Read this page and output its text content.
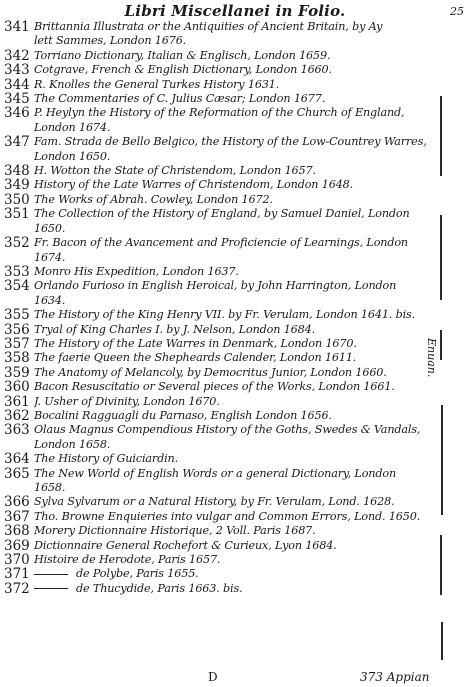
Libri Miscellanei in Folio.	25
341 Brittannia Illustrata or the Antiquities of Ancient Britain, by Ay
lett Sammes, London 1676.
342 Torriano Dictionary, Italian & Englisch, London 1659.
343 Cotgrave, French & English Dictionary, London 1660.
344 R. Knolles the General Turkes History 1631.
345 The Commentaries of C. Julius Cæsar; London 1677.
346 P. Heylyn the History of the Reformation of the Church of England,
London 1674.
347 Fam. Strada de Bello Belgico, the History of the Low-Countrey Warres,
London 1650.
348 H. Wotton the State of Christendom, London 1657.
349 History of the Late Warres of Christendom, London 1648.
350 The Works of Abrah. Cowley, London 1672.
351 The Collection of the History of England, by Samuel Daniel, London
1650.
352 Fr. Bacon of the Avancement and Proficiencie of Learnings, London
1674.
353 Monro His Expedition, London 1637.
354 Orlando Furioso in English Heroical, by John Harrington, London
1634.
355 The History of the King Henry VII. by Fr. Verulam, London 1641. bis.
356 Tryal of King Charles I. by J. Nelson, London 1684.
357 The History of the Late Warres in Denmark, London 1670.
358 The faerie Queen the Shepheards Calender, London 1611.
359 The Anatomy of Melancoly, by Democritus Junior, London 1660.
360 Bacon Resuscitatio or Several pieces of the Works, London 1661.
361 J. Usher of Divinity, London 1670.
362 Bocalini Ragguagli du Parnaso, English London 1656.
363 Olaus Magnus Compendious History of the Goths, Swedes & Vandals,
London 1658.
364 The History of Guiciardin.
365 The New World of English Words or a general Dictionary, London
1658.
366 Sylva Sylvarum or a Natural History, by Fr. Verulam, Lond. 1628.
367 Tho. Browne Enquieries into vulgar and Common Errors, Lond. 1650.
368 Morery Dictionnaire Historique, 2 Voll. Paris 1687.
369 Dictionnaire General Rochefort & Curieux, Lyon 1684.
370 Histoire de Herodote, Paris 1657.
371	de Polybe, Paris 1655.
372	de Thucydide, Paris 1663. bis.
Enuan.
D	373 Appian
